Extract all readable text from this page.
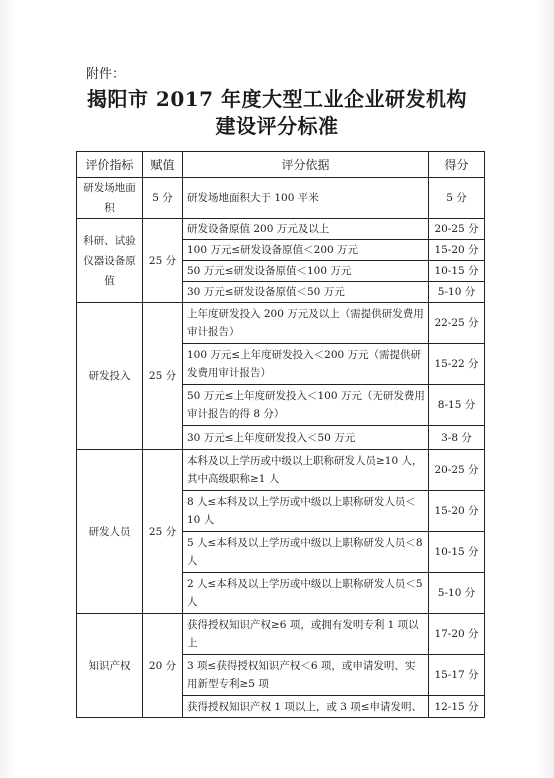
附件：
揭阳市 2017 年度大型工业企业研发机构
建设评分标准
评价指标	赋值	评分依据	得分
研发场地面积	5 分	研发场地面积大于 100 平米	5 分
科研、试验仪器设备原值	25 分	研发设备原值 200 万元及以上	20-25 分
		100 万元≤研发设备原值＜200 万元	15-20 分
		50 万元≤研发设备原值＜100 万元	10-15 分
		30 万元≤研发设备原值＜50 万元	5-10 分
研发投入	25 分	上年度研发投入 200 万元及以上（需提供研发费用审计报告）	22-25 分
		100 万元≤上年度研发投入＜200 万元（需提供研发费用审计报告）	15-22 分
		50 万元≤上年度研发投入＜100 万元（无研发费用审计报告的得 8 分）	8-15 分
		30 万元≤上年度研发投入＜50 万元	3-8 分
研发人员	25 分	本科及以上学历或中级以上职称研发人员≥10 人，其中高级职称≥1 人	20-25 分
		8 人≤本科及以上学历或中级以上职称研发人员＜10 人	15-20 分
		5 人≤本科及以上学历或中级以上职称研发人员＜8 人	10-15 分
		2 人≤本科及以上学历或中级以上职称研发人员＜5 人	5-10 分
知识产权	20 分	获得授权知识产权≥6 项，或拥有发明专利 1 项以上	17-20 分
		3 项≤获得授权知识产权＜6 项，或申请发明、实用新型专利≥5 项	15-17 分
		获得授权知识产权 1 项以上，或 3 项≤申请发明、	12-15 分
